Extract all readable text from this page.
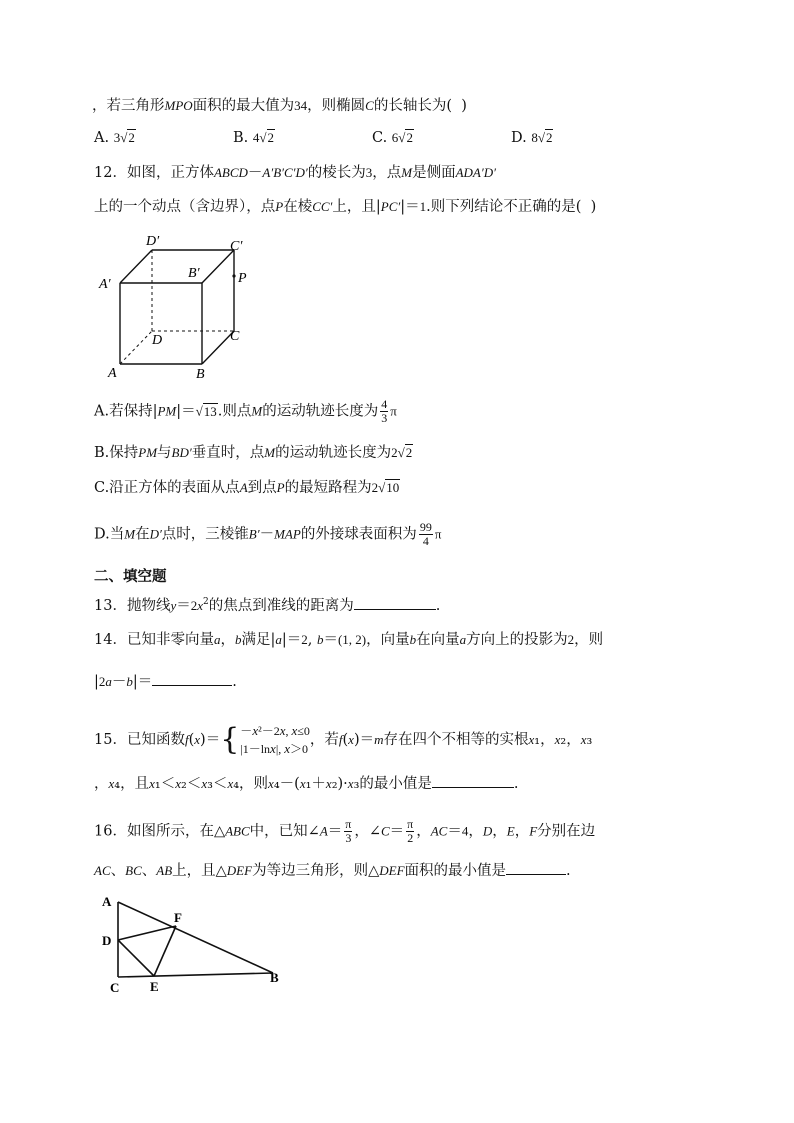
，若三角形MPO面积的最大值为34，则椭圆C的长轴长为(  )
A. 3√2	B. 4√2	C. 6√2	D. 8√2
12．如图，正方体ABCD－A′B′C′D′的棱长为3，点M是侧面ADA′D′
上的一个动点（含边界），点P在棱CC′上，且|PC′|＝1.则下列结论不正确的是(  )
D′	C′
A′
B′	P
D	C
A	B
A.若保持|PM|＝√13.则点M的运动轨迹长度为 $\frac{4}{3}$ π
B.保持PM与BD′垂直时，点M的运动轨迹长度为2√2
C.沿正方体的表面从点A到点P的最短路程为2√10
D.当M在D′点时，三棱锥B′－MAP的外接球表面积为 $\frac{99}{4}$ π
二、填空题
13．抛物线$y=2x^2$的焦点到准线的距离为	.
14．已知非零向量a，b满足|a|＝2, b＝(1, 2)，向量b在向量a方向上的投影为2，则
|2a－b|＝	.
15．已知函数f(x)＝{ －x²－2x, x≤0
|1－lnx|, x＞0
，若f(x)＝m存在四个不相等的实根x₁，x₂，x₃
，x₄，且x₁＜x₂＜x₃＜x₄，则x₄－(x₁＋x₂)·x₃的最小值是	.
16．如图所示，在△ABC中，已知∠A＝ $\frac{\pi}{3}$ ，∠C＝ $\frac{\pi}{2}$ ，AC＝4，D，E，F分别在边
AC、BC、AB上，且△DEF为等边三角形，则△DEF面积的最小值是	.
A
F
D
C E
B
